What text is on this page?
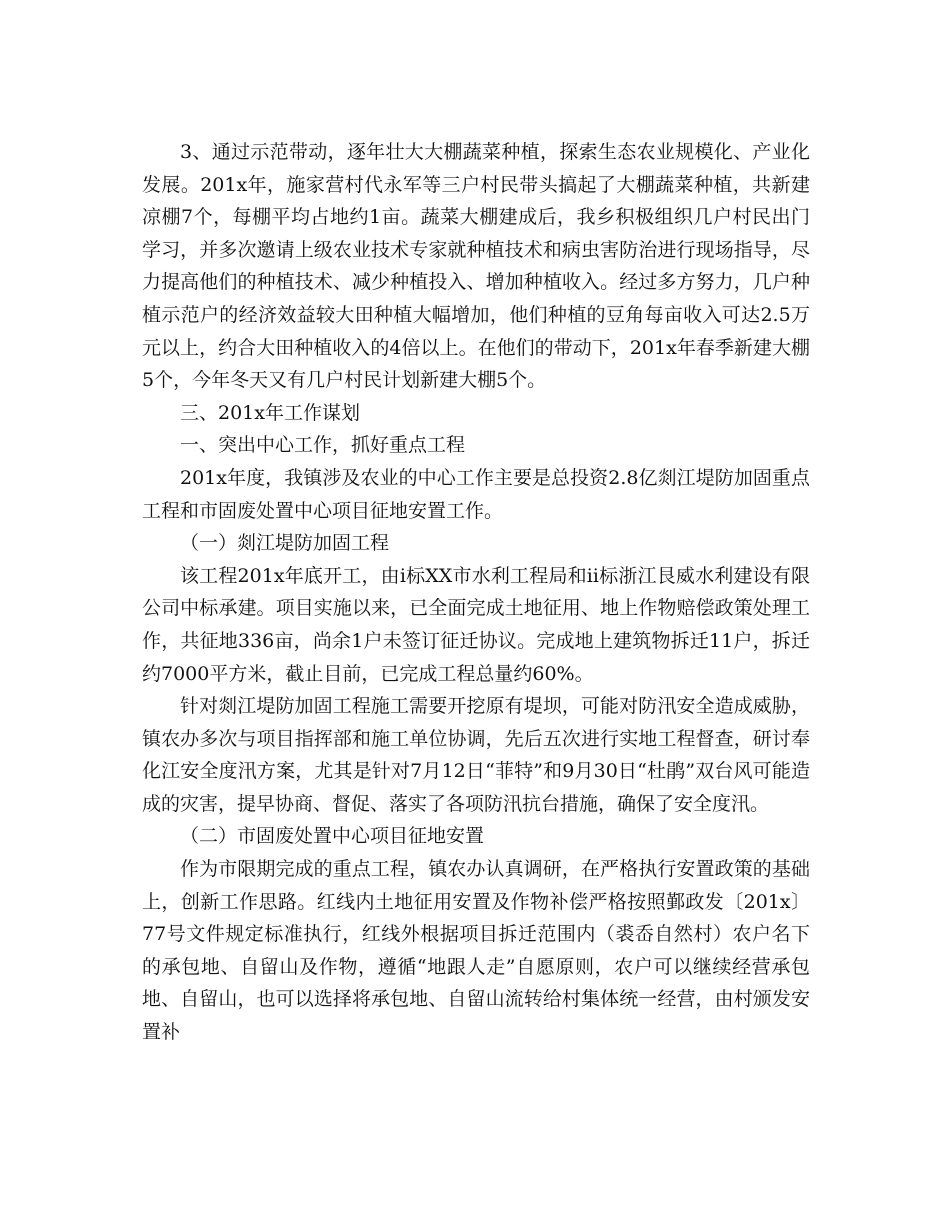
3、通过示范带动，逐年壮大大棚蔬菜种植，探索生态农业规模化、产业化发展。201x年，施家营村代永军等三户村民带头搞起了大棚蔬菜种植，共新建凉棚7个，每棚平均占地约1亩。蔬菜大棚建成后，我乡积极组织几户村民出门学习，并多次邀请上级农业技术专家就种植技术和病虫害防治进行现场指导，尽力提高他们的种植技术、减少种植投入、增加种植收入。经过多方努力，几户种植示范户的经济效益较大田种植大幅增加，他们种植的豆角每亩收入可达2.5万元以上，约合大田种植收入的4倍以上。在他们的带动下，201x年春季新建大棚5个，今年冬天又有几户村民计划新建大棚5个。

三、201x年工作谋划

一、突出中心工作，抓好重点工程

201x年度，我镇涉及农业的中心工作主要是总投资2.8亿剡江堤防加固重点工程和市固废处置中心项目征地安置工作。

（一）剡江堤防加固工程

该工程201x年底开工，由ⅰ标XX市水利工程局和ⅱ标浙江艮威水利建设有限公司中标承建。项目实施以来，已全面完成土地征用、地上作物赔偿政策处理工作，共征地336亩，尚余1户未签订征迁协议。完成地上建筑物拆迁11户，拆迁约7000平方米，截止目前，已完成工程总量约60%。

针对剡江堤防加固工程施工需要开挖原有堤坝，可能对防汛安全造成威胁，镇农办多次与项目指挥部和施工单位协调，先后五次进行实地工程督查，研讨奉化江安全度汛方案，尤其是针对7月12日“菲特”和9月30日“杜鹃”双台风可能造成的灾害，提早协商、督促、落实了各项防汛抗台措施，确保了安全度汛。

（二）市固废处置中心项目征地安置

作为市限期完成的重点工程，镇农办认真调研，在严格执行安置政策的基础上，创新工作思路。红线内土地征用安置及作物补偿严格按照鄞政发〔201x〕77号文件规定标准执行，红线外根据项目拆迁范围内（裘岙自然村）农户名下的承包地、自留山及作物，遵循“地跟人走”自愿原则，农户可以继续经营承包地、自留山，也可以选择将承包地、自留山流转给村集体统一经营，由村颁发安置补
